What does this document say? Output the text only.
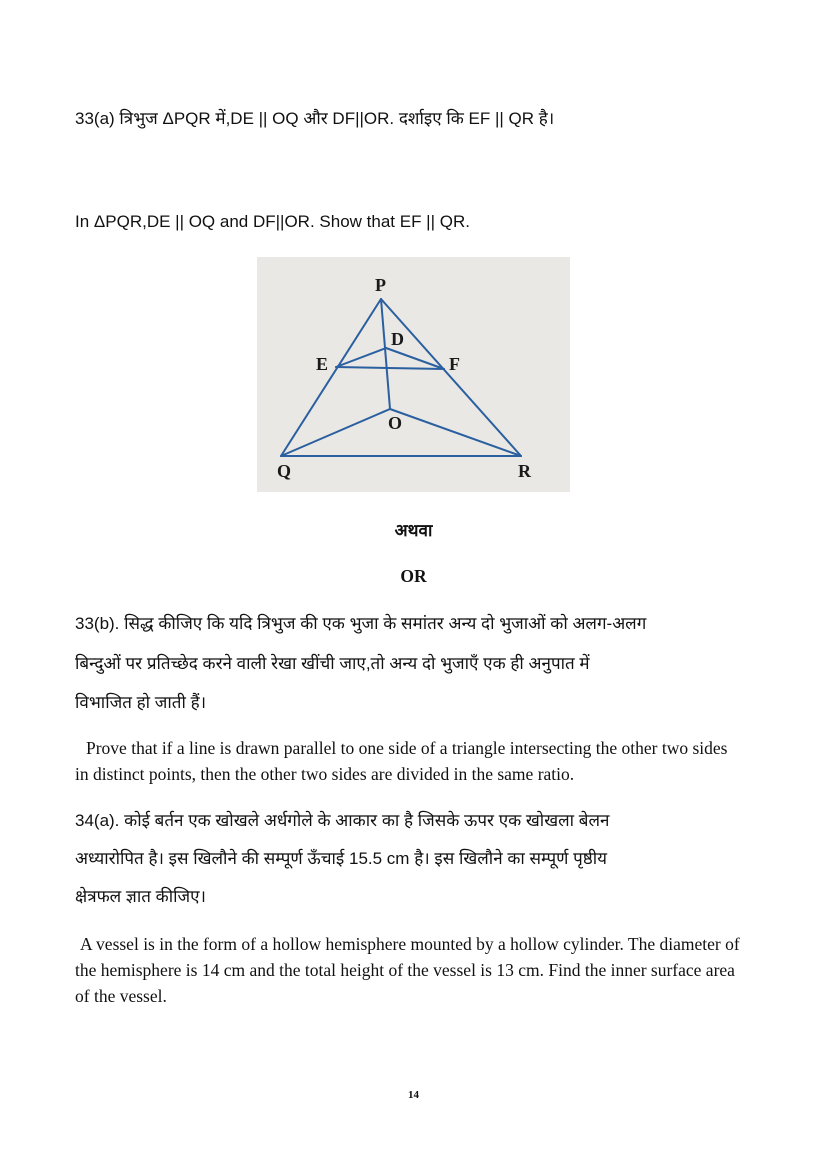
33(a) त्रिभुज ΔPQR में,DE || OQ और DF||OR. दर्शाइए कि EF || QR है।
In ΔPQR,DE || OQ and DF||OR. Show that EF || QR.
P
D
E	F
O
Q	R
अथवा
OR
33(b). सिद्ध कीजिए कि यदि त्रिभुज की एक भुजा के समांतर अन्य दो भुजाओं को अलग-अलग
बिन्दुओं पर प्रतिच्छेद करने वाली रेखा खींची जाए,तो अन्य दो भुजाएँ एक ही अनुपात में
विभाजित हो जाती हैं।
Prove that if a line is drawn parallel to one side of a triangle intersecting the other two sides in distinct points, then the other two sides are divided in the same ratio.
34(a). कोई बर्तन एक खोखले अर्धगोले के आकार का है जिसके ऊपर एक खोखला बेलन
अध्यारोपित है। इस खिलौने की सम्पूर्ण ऊँचाई 15.5 cm है। इस खिलौने का सम्पूर्ण पृष्ठीय
क्षेत्रफल ज्ञात कीजिए।
A vessel is in the form of a hollow hemisphere mounted by a hollow cylinder. The diameter of the hemisphere is 14 cm and the total height of the vessel is 13 cm. Find the inner surface area of the vessel.
14
